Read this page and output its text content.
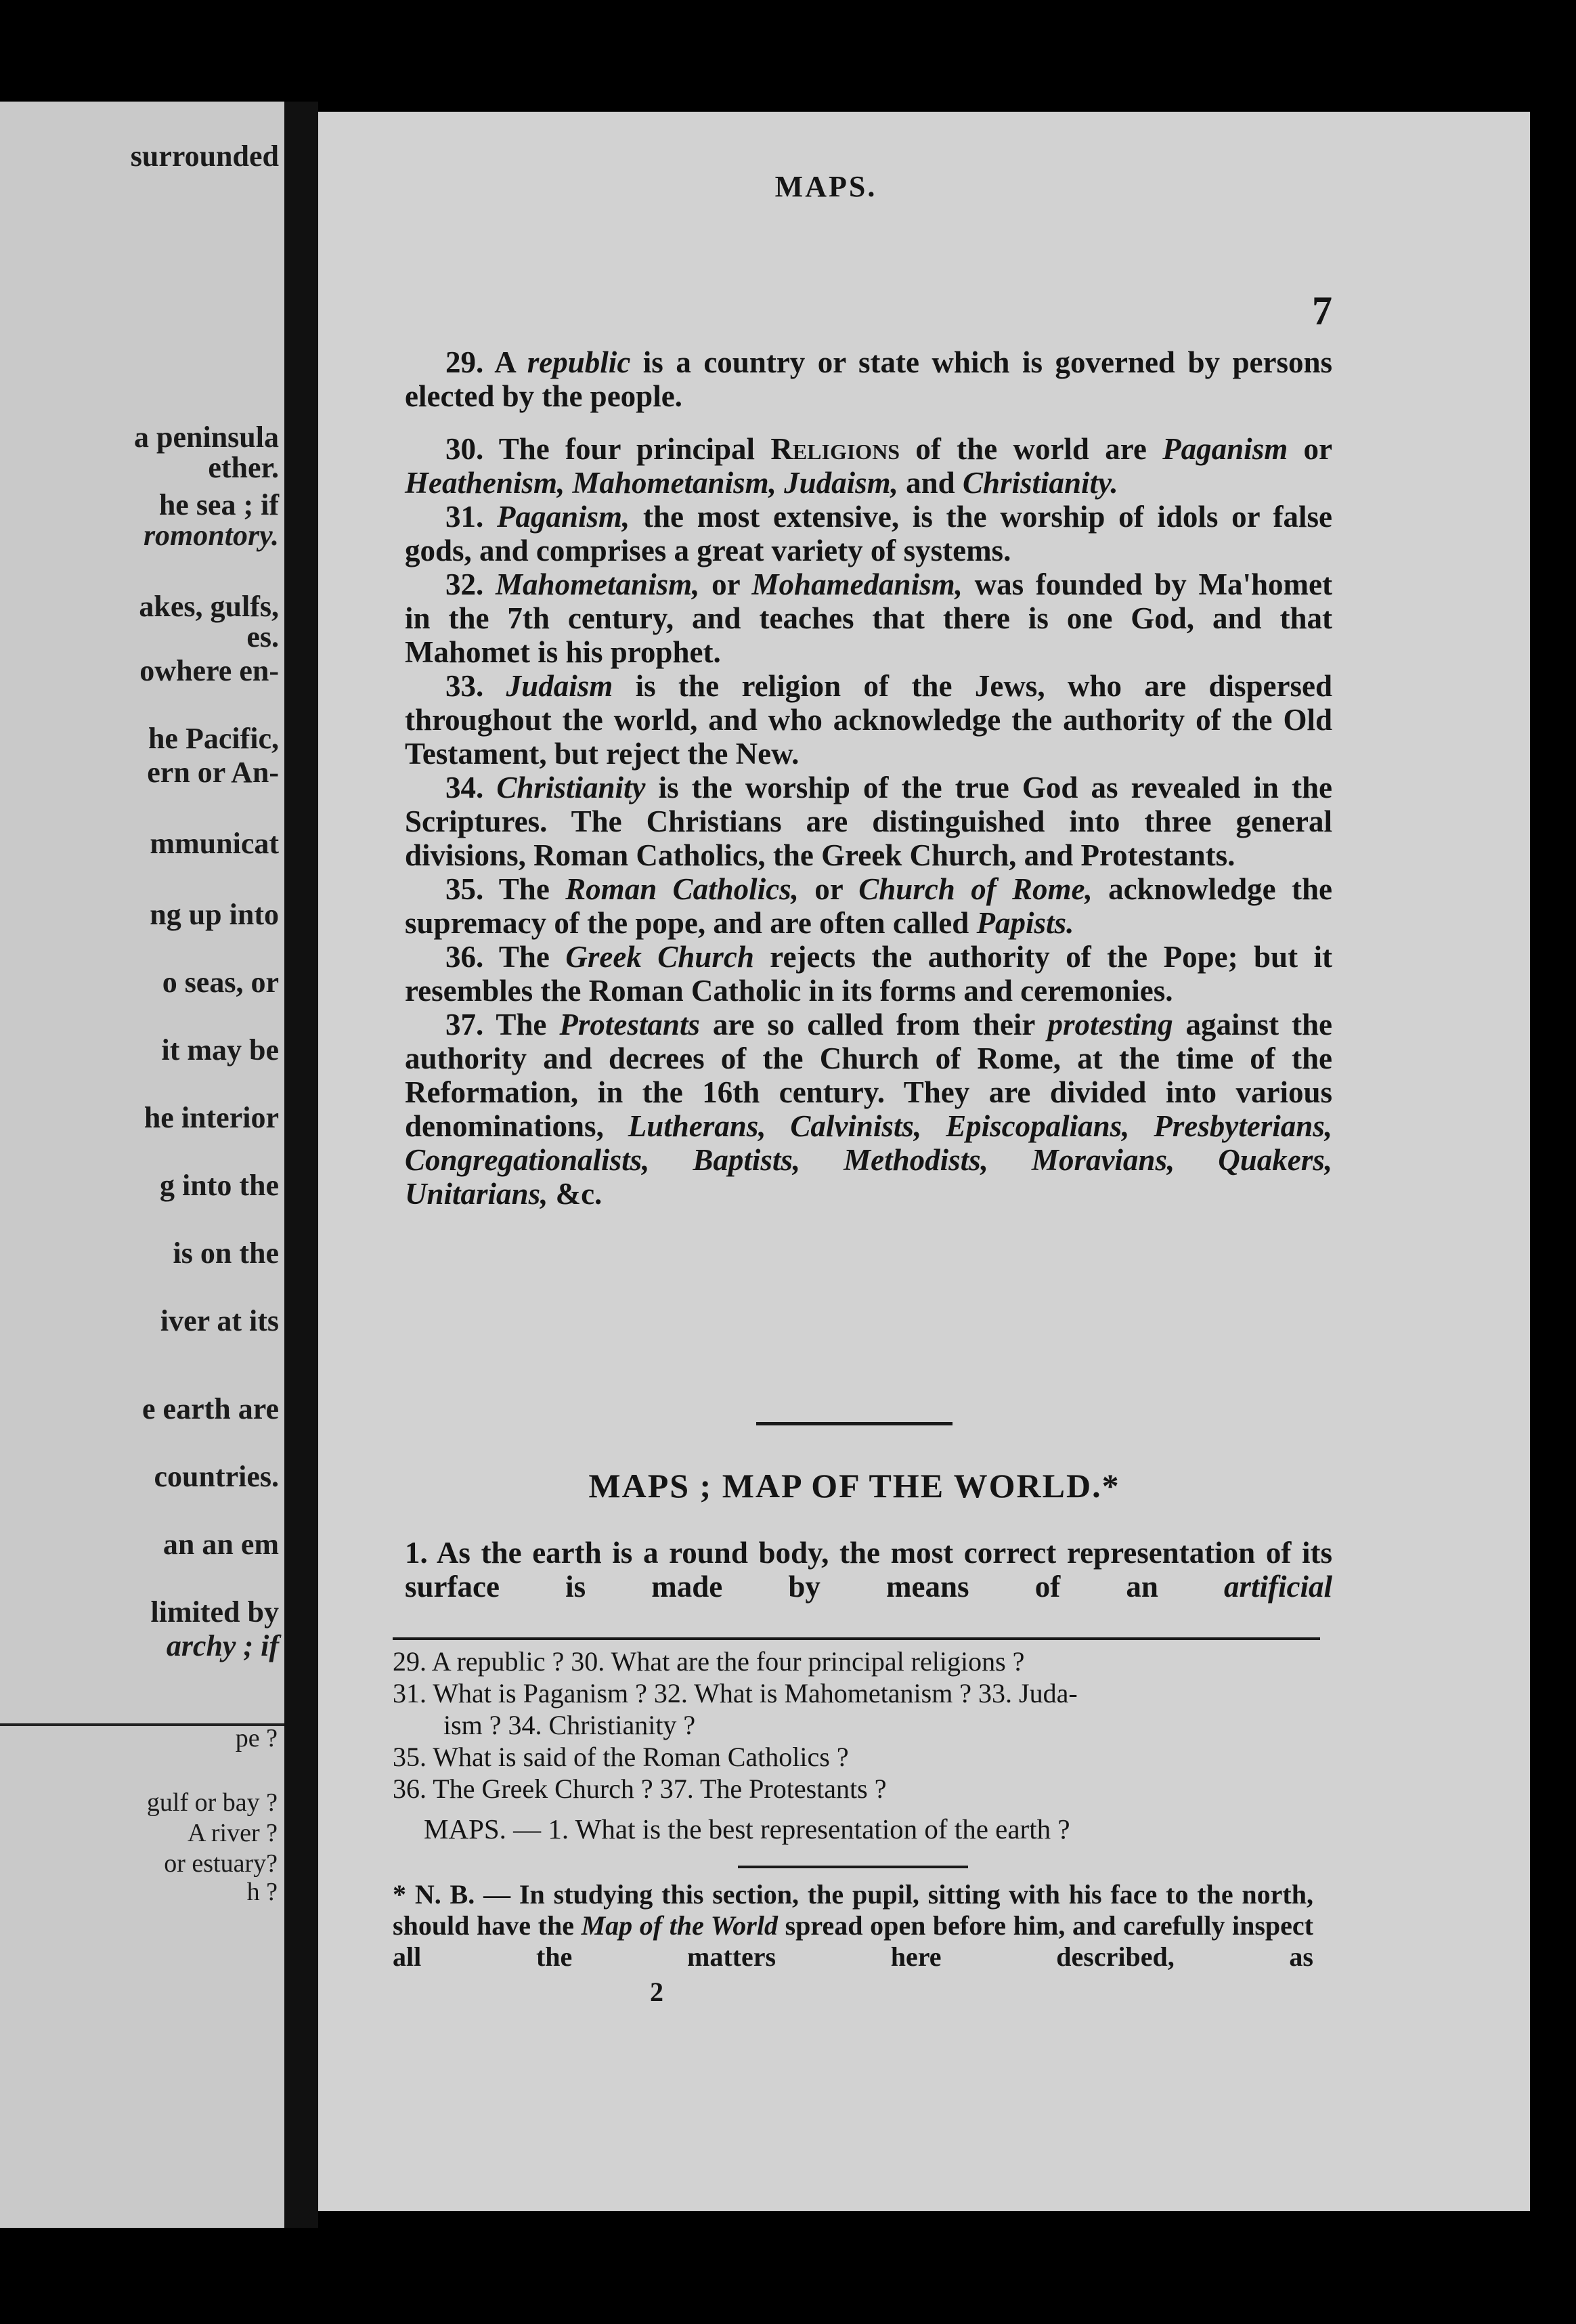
surrounded
a peninsula
ether.
he sea ; if
romontory.
akes, gulfs,
es.
owhere en-
he Pacific,
ern or An-
mmunicat
ng up into
o seas, or
it may be
he interior
g into the
is on the
iver at its
e earth are
countries.
an an em
limited by
archy ; if
pe ?
gulf or bay ?
A river ?
or estuary?
h ?
MAPS.
7

29. A republic is a country or state which is governed by persons elected by the people.

30. The four principal Religions of the world are Paganism or Heathenism, Mahometanism, Judaism, and Christianity.

31. Paganism, the most extensive, is the worship of idols or false gods, and comprises a great variety of systems.

32. Mahometanism, or Mohamedanism, was founded by Ma'homet in the 7th century, and teaches that there is one God, and that Mahomet is his prophet.

33. Judaism is the religion of the Jews, who are dispersed throughout the world, and who acknowledge the authority of the Old Testament, but reject the New.

34. Christianity is the worship of the true God as revealed in the Scriptures. The Christians are distinguished into three general divisions, Roman Catholics, the Greek Church, and Protestants.

35. The Roman Catholics, or Church of Rome, acknowledge the supremacy of the pope, and are often called Papists.

36. The Greek Church rejects the authority of the Pope; but it resembles the Roman Catholic in its forms and ceremonies.

37. The Protestants are so called from their protesting against the authority and decrees of the Church of Rome, at the time of the Reformation, in the 16th century. They are divided into various denominations, Lutherans, Calvinists, Episcopalians, Presbyterians, Congregationalists, Baptists, Methodists, Moravians, Quakers, Unitarians, &c.

MAPS ; MAP OF THE WORLD.*
1. As the earth is a round body, the most correct representation of its surface is made by means of an artificial
29. A republic ? 30. What are the four principal religions ?
31. What is Paganism ? 32. What is Mahometanism ? 33. Juda-
ism ? 34. Christianity ?
35. What is said of the Roman Catholics ?
36. The Greek Church ? 37. The Protestants ?
MAPS. — 1. What is the best representation of the earth ?
* N. B. — In studying this section, the pupil, sitting with his face to the north, should have the Map of the World spread open before him, and carefully inspect all the matters here described, as
2
